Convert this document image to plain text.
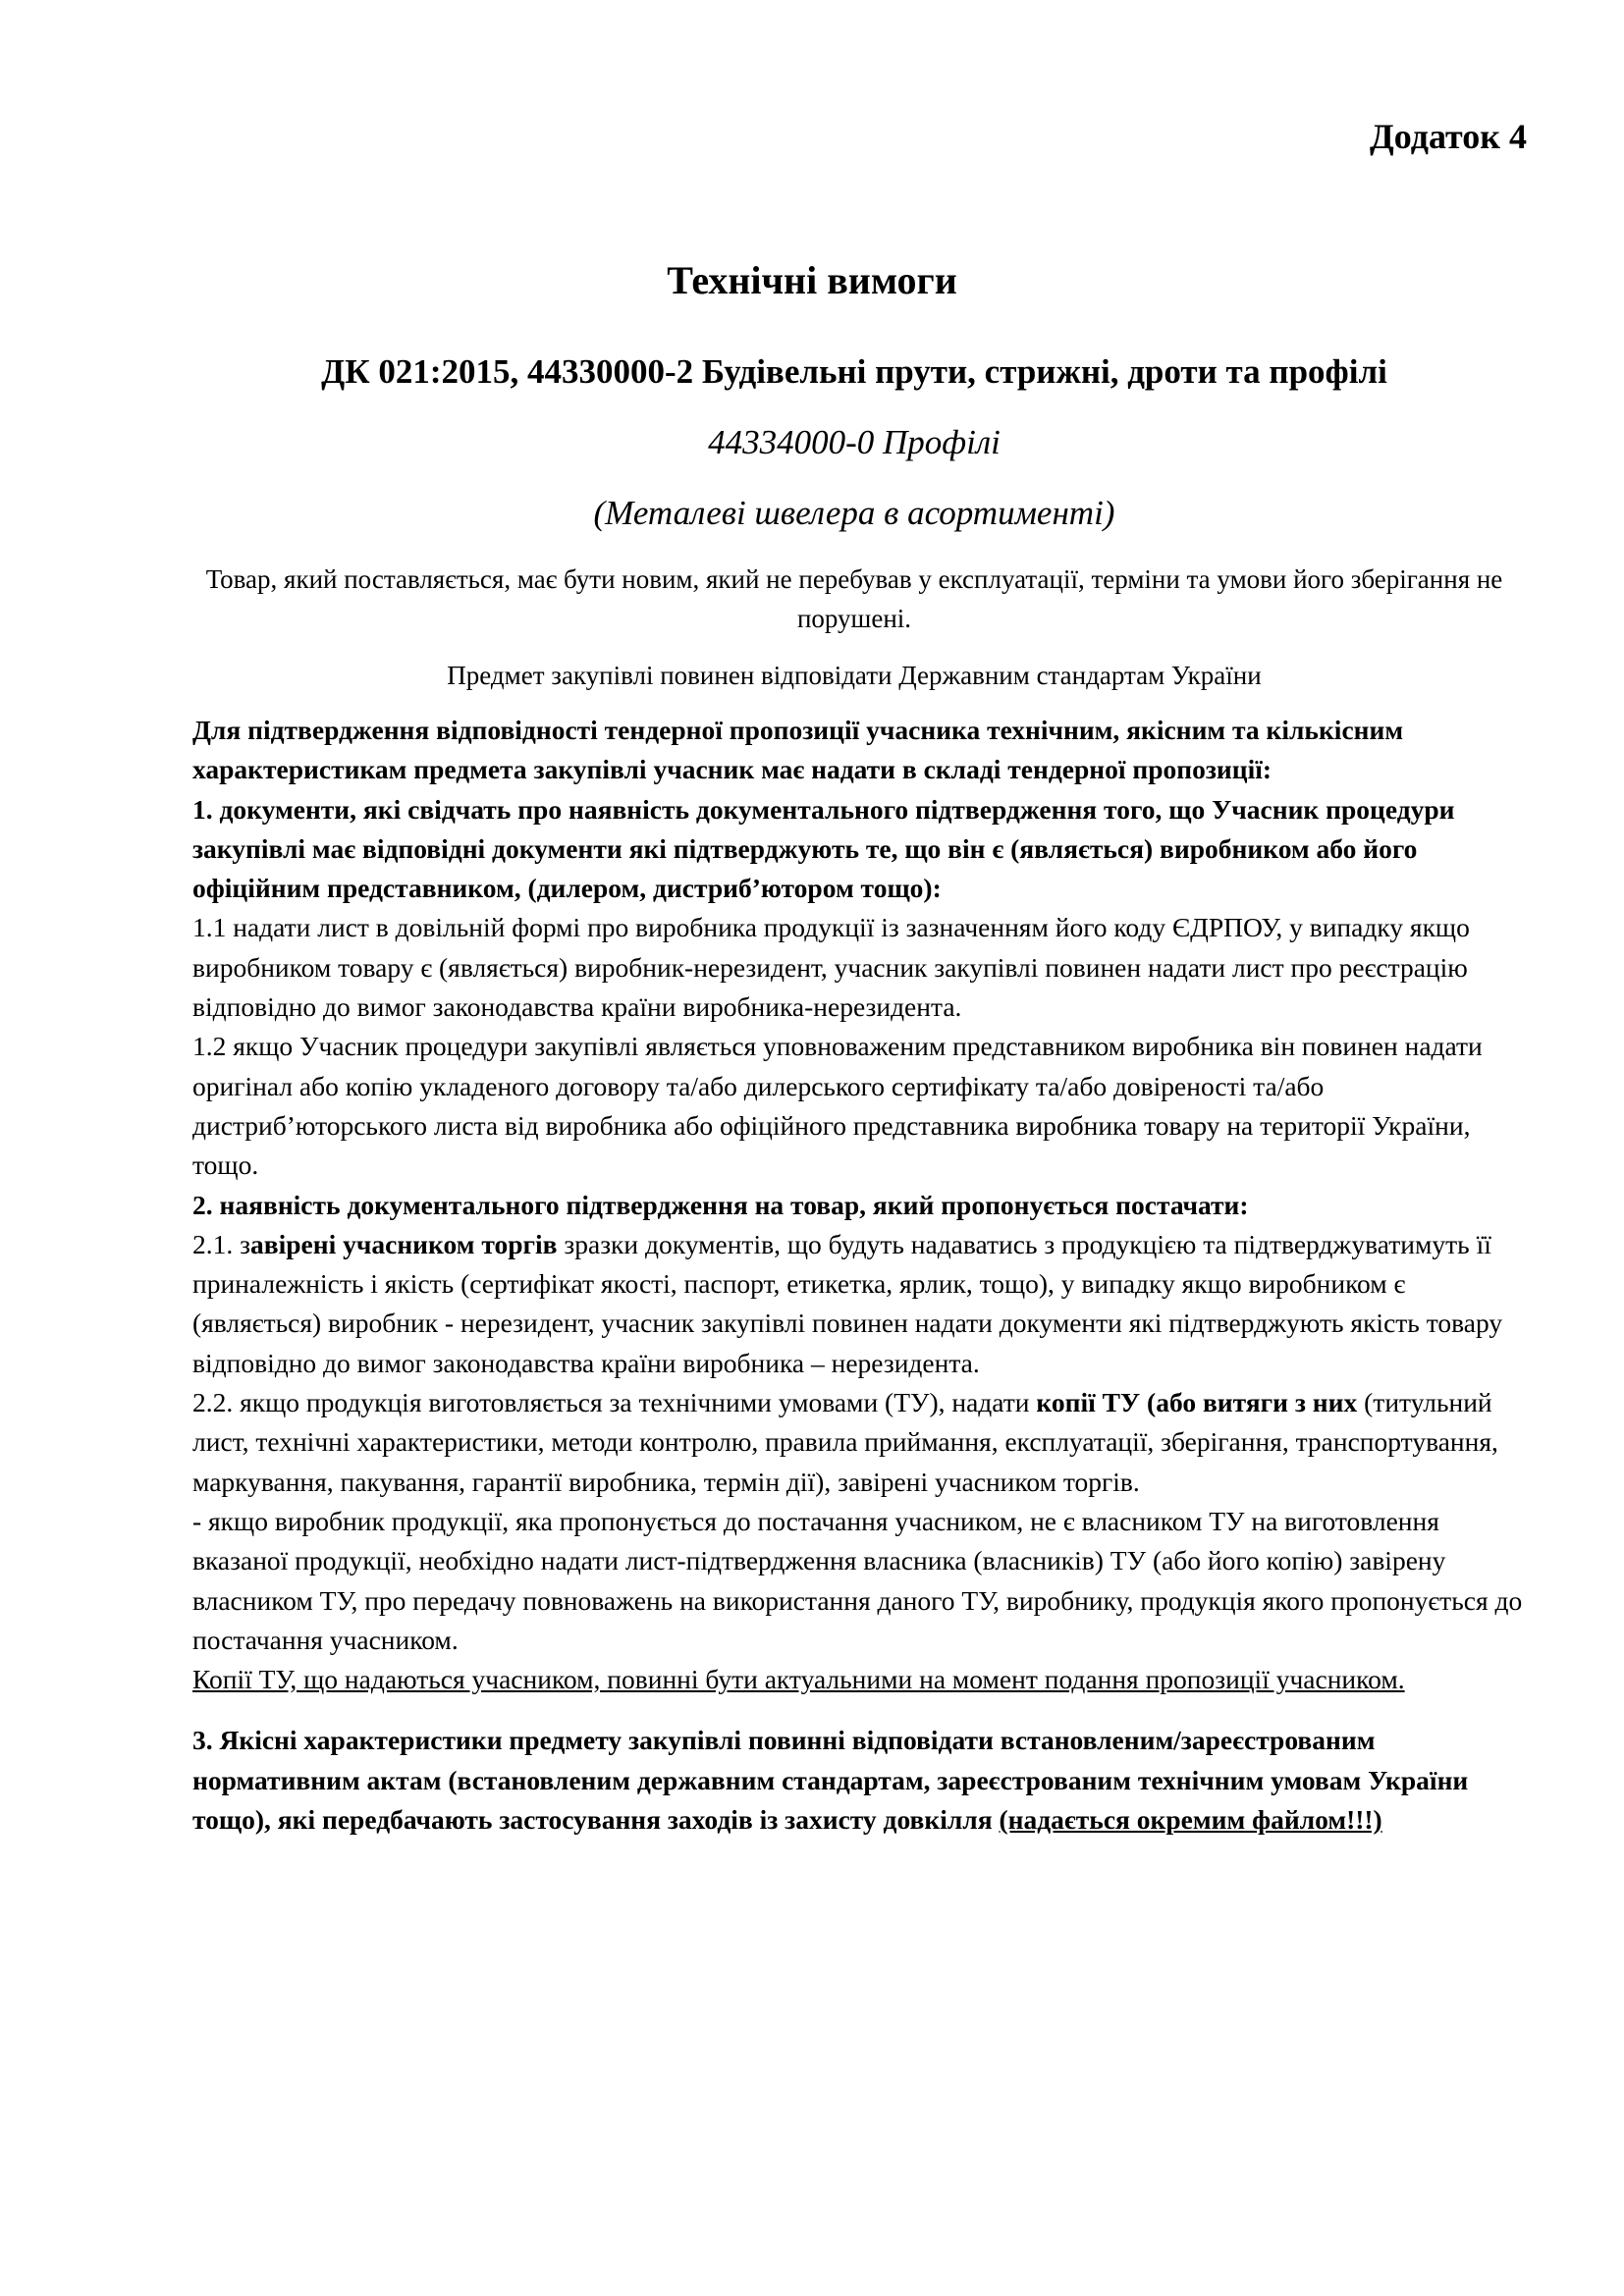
Додаток 4
Технічні вимоги
ДК 021:2015, 44330000-2 Будівельні прути, стрижні, дроти та профілі
44334000-0 Профілі
(Металеві швелера в асортименті)
Товар, який поставляється, має бути новим, який не перебував у експлуатації, терміни та умови його зберігання не порушені.
Предмет закупівлі повинен відповідати Державним стандартам України

Для підтвердження відповідності тендерної пропозиції учасника технічним, якісним та кількісним характеристикам предмета закупівлі учасник має надати в складі тендерної пропозиції:

1. документи, які свідчать про наявність документального підтвердження того, що Учасник процедури закупівлі має відповідні документи які підтверджують те, що він є (являється) виробником або його офіційним представником, (дилером, дистриб’ютором тощо):

1.1 надати лист в довільній формі про виробника продукції із зазначенням його коду ЄДРПОУ, у випадку якщо виробником товару є (являється) виробник-нерезидент, учасник закупівлі повинен надати лист про реєстрацію відповідно до вимог законодавства країни виробника-нерезидента.

1.2 якщо Учасник процедури закупівлі являється уповноваженим представником виробника він повинен надати оригінал або копію укладеного договору та/або дилерського сертифікату та/або довіреності та/або дистриб’юторського листа від виробника або офіційного представника виробника товару на території України, тощо.

2. наявність документального підтвердження на товар, який пропонується постачати:

2.1. завірені учасником торгів зразки документів, що будуть надаватись з продукцією та підтверджуватимуть її приналежність і якість (сертифікат якості, паспорт, етикетка, ярлик, тощо), у випадку якщо виробником є (являється) виробник - нерезидент, учасник закупівлі повинен надати документи які підтверджують якість товару відповідно до вимог законодавства країни виробника – нерезидента.

2.2. якщо продукція виготовляється за технічними умовами (ТУ), надати копії ТУ (або витяги з них (титульний лист, технічні характеристики, методи контролю, правила приймання, експлуатації, зберігання, транспортування, маркування, пакування, гарантії виробника, термін дії), завірені учасником торгів.

- якщо виробник продукції, яка пропонується до постачання учасником, не є власником ТУ на виготовлення вказаної продукції, необхідно надати лист-підтвердження власника (власників) ТУ (або його копію) завірену власником ТУ, про передачу повноважень на використання даного ТУ, виробнику, продукція якого пропонується до постачання учасником.

Копії ТУ, що надаються учасником, повинні бути актуальними на момент подання пропозиції учасником.

3. Якісні характеристики предмету закупівлі повинні відповідати встановленим/зареєстрованим нормативним актам (встановленим державним стандартам, зареєстрованим технічним умовам України тощо), які передбачають застосування заходів із захисту довкілля (надається окремим файлом!!!)
